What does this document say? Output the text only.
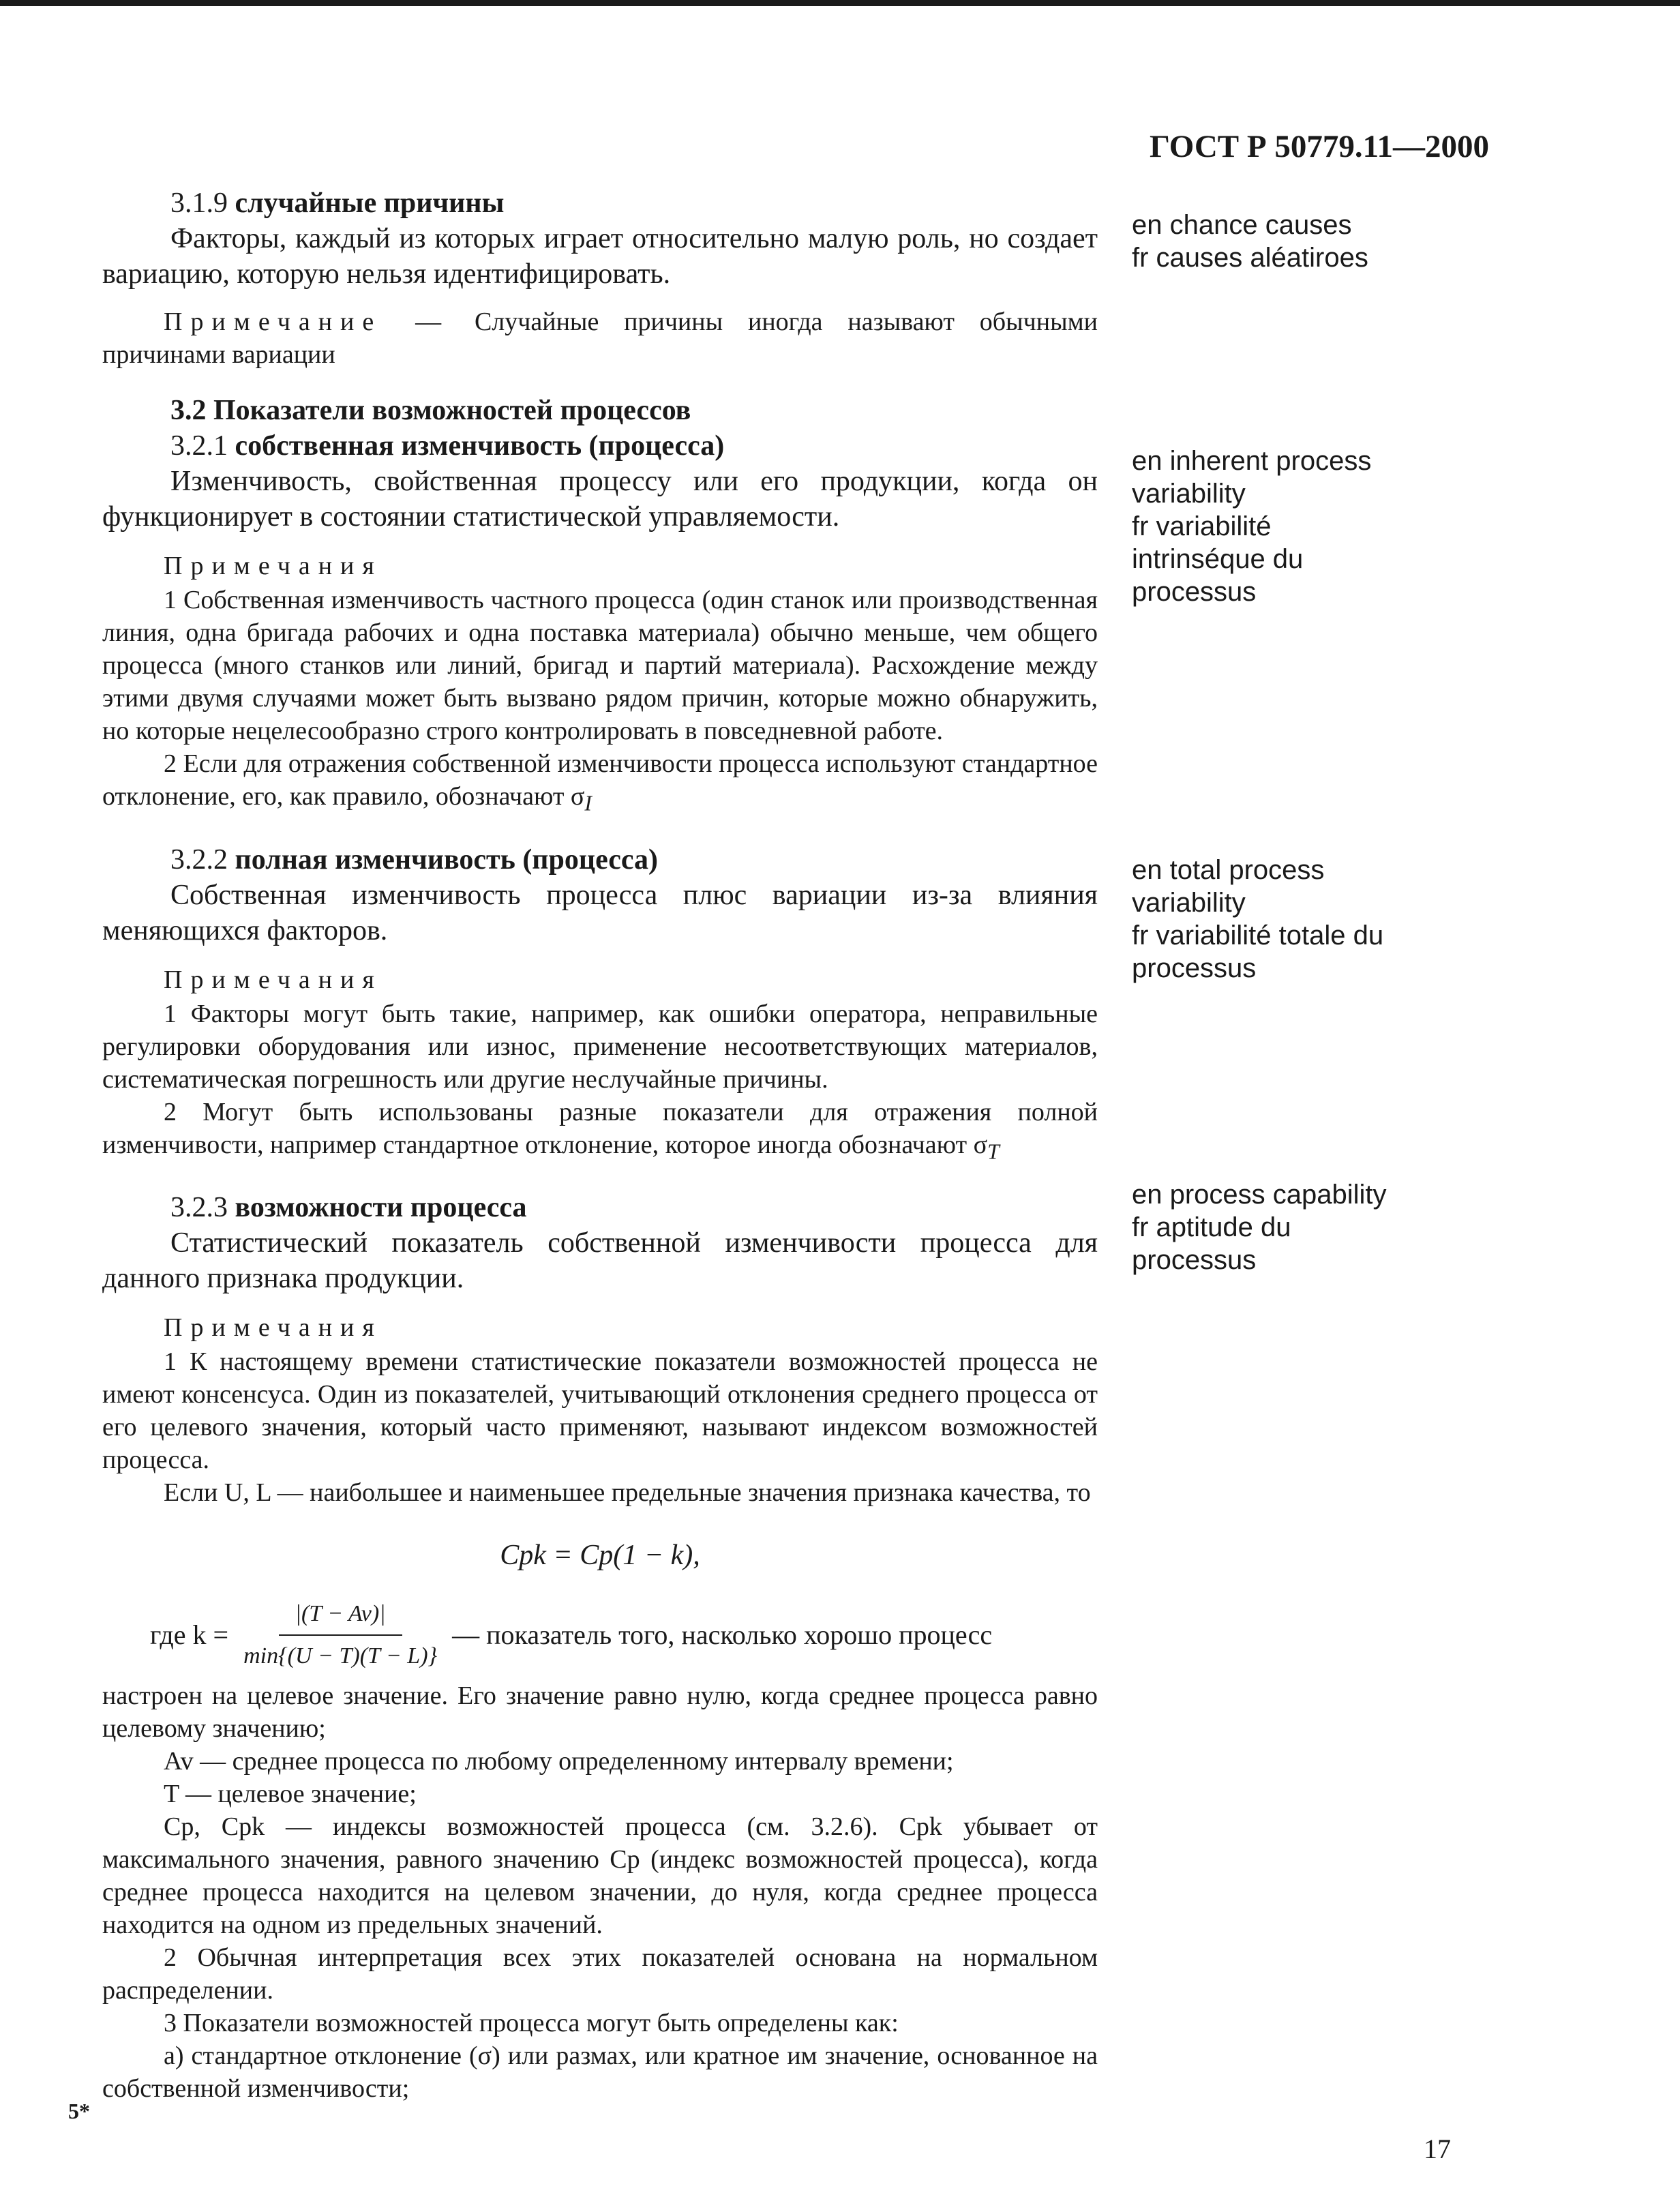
ГОСТ Р 50779.11—2000

3.1.9 случайные причины

Факторы, каждый из которых играет относительно малую роль, но создает вариацию, которую нельзя идентифицировать.

Примечание — Случайные причины иногда называют обычными причинами вариации

3.2 Показатели возможностей процессов

3.2.1 собственная изменчивость (процесса)

Изменчивость, свойственная процессу или его продукции, когда он функционирует в состоянии статистической управляемости.

Примечания

1 Собственная изменчивость частного процесса (один станок или производственная линия, одна бригада рабочих и одна поставка материала) обычно меньше, чем общего процесса (много станков или линий, бригад и партий материала). Расхождение между этими двумя случаями может быть вызвано рядом причин, которые можно обнаружить, но которые нецелесообразно строго контролировать в повседневной работе.

2 Если для отражения собственной изменчивости процесса используют стандартное отклонение, его, как правило, обозначают $\sigma_I$

3.2.2 полная изменчивость (процесса)

Собственная изменчивость процесса плюс вариации из-за влияния меняющихся факторов.

Примечания

1 Факторы могут быть такие, например, как ошибки оператора, неправильные регулировки оборудования или износ, применение несоответствующих материалов, систематическая погрешность или другие неслучайные причины.

2 Могут быть использованы разные показатели для отражения полной изменчивости, например стандартное отклонение, которое иногда обозначают $\sigma_T$

3.2.3 возможности процесса

Статистический показатель собственной изменчивости процесса для данного признака продукции.

Примечания

1 К настоящему времени статистические показатели возможностей процесса не имеют консенсуса. Один из показателей, учитывающий отклонения среднего процесса от его целевого значения, который часто применяют, называют индексом возможностей процесса.

Если U, L — наибольшее и наименьшее предельные значения признака качества, то

Cpk = Cp(1 − k),

где $k = \frac{|(T - Av)|}{\min\{(U - T)(T - L)\}}$ — показатель того, насколько хорошо процесс

настроен на целевое значение. Его значение равно нулю, когда среднее процесса равно целевому значению;

Av — среднее процесса по любому определенному интервалу времени;

T — целевое значение;

Cp, Cpk — индексы возможностей процесса (см. 3.2.6). Cpk убывает от максимального значения, равного значению Cp (индекс возможностей процесса), когда среднее процесса находится на целевом значении, до нуля, когда среднее процесса находится на одном из предельных значений.

2 Обычная интерпретация всех этих показателей основана на нормальном распределении.

3 Показатели возможностей процесса могут быть определены как:

а) стандартное отклонение (σ) или размах, или кратное им значение, основанное на собственной изменчивости;

en chance causes

fr causes aléatiroes

en inherent process

variability

fr variabilité

intrinséque du

processus

en total process

variability

fr variabilité totale du

processus

en process capability

fr aptitude du

processus

5*
17
